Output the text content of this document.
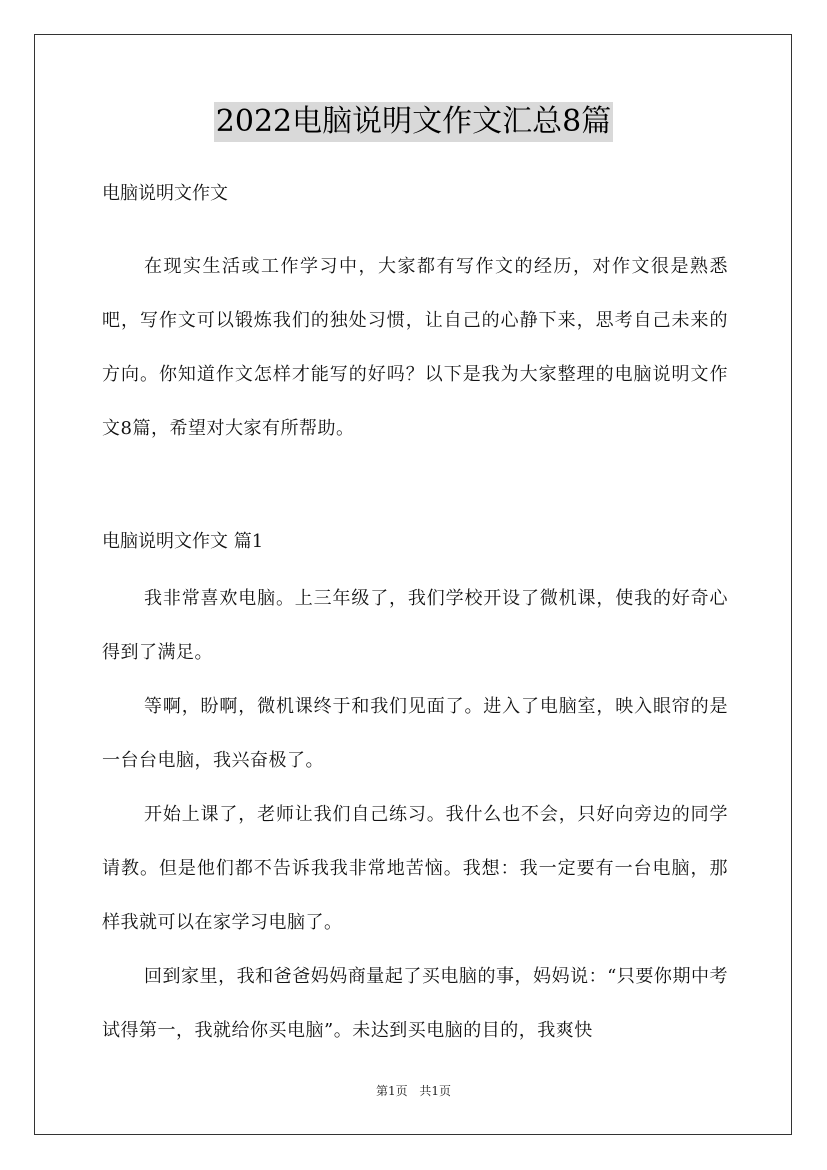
2022电脑说明文作文汇总8篇

电脑说明文作文

在现实生活或工作学习中，大家都有写作文的经历，对作文很是熟悉吧，写作文可以锻炼我们的独处习惯，让自己的心静下来，思考自己未来的方向。你知道作文怎样才能写的好吗？以下是我为大家整理的电脑说明文作文8篇，希望对大家有所帮助。

电脑说明文作文 篇1

我非常喜欢电脑。上三年级了，我们学校开设了微机课，使我的好奇心得到了满足。

等啊，盼啊，微机课终于和我们见面了。进入了电脑室，映入眼帘的是一台台电脑，我兴奋极了。

开始上课了，老师让我们自己练习。我什么也不会，只好向旁边的同学请教。但是他们都不告诉我我非常地苦恼。我想：我一定要有一台电脑，那样我就可以在家学习电脑了。

回到家里，我和爸爸妈妈商量起了买电脑的事，妈妈说：“只要你期中考试得第一，我就给你买电脑”。未达到买电脑的目的，我爽快

第1页 共1页
